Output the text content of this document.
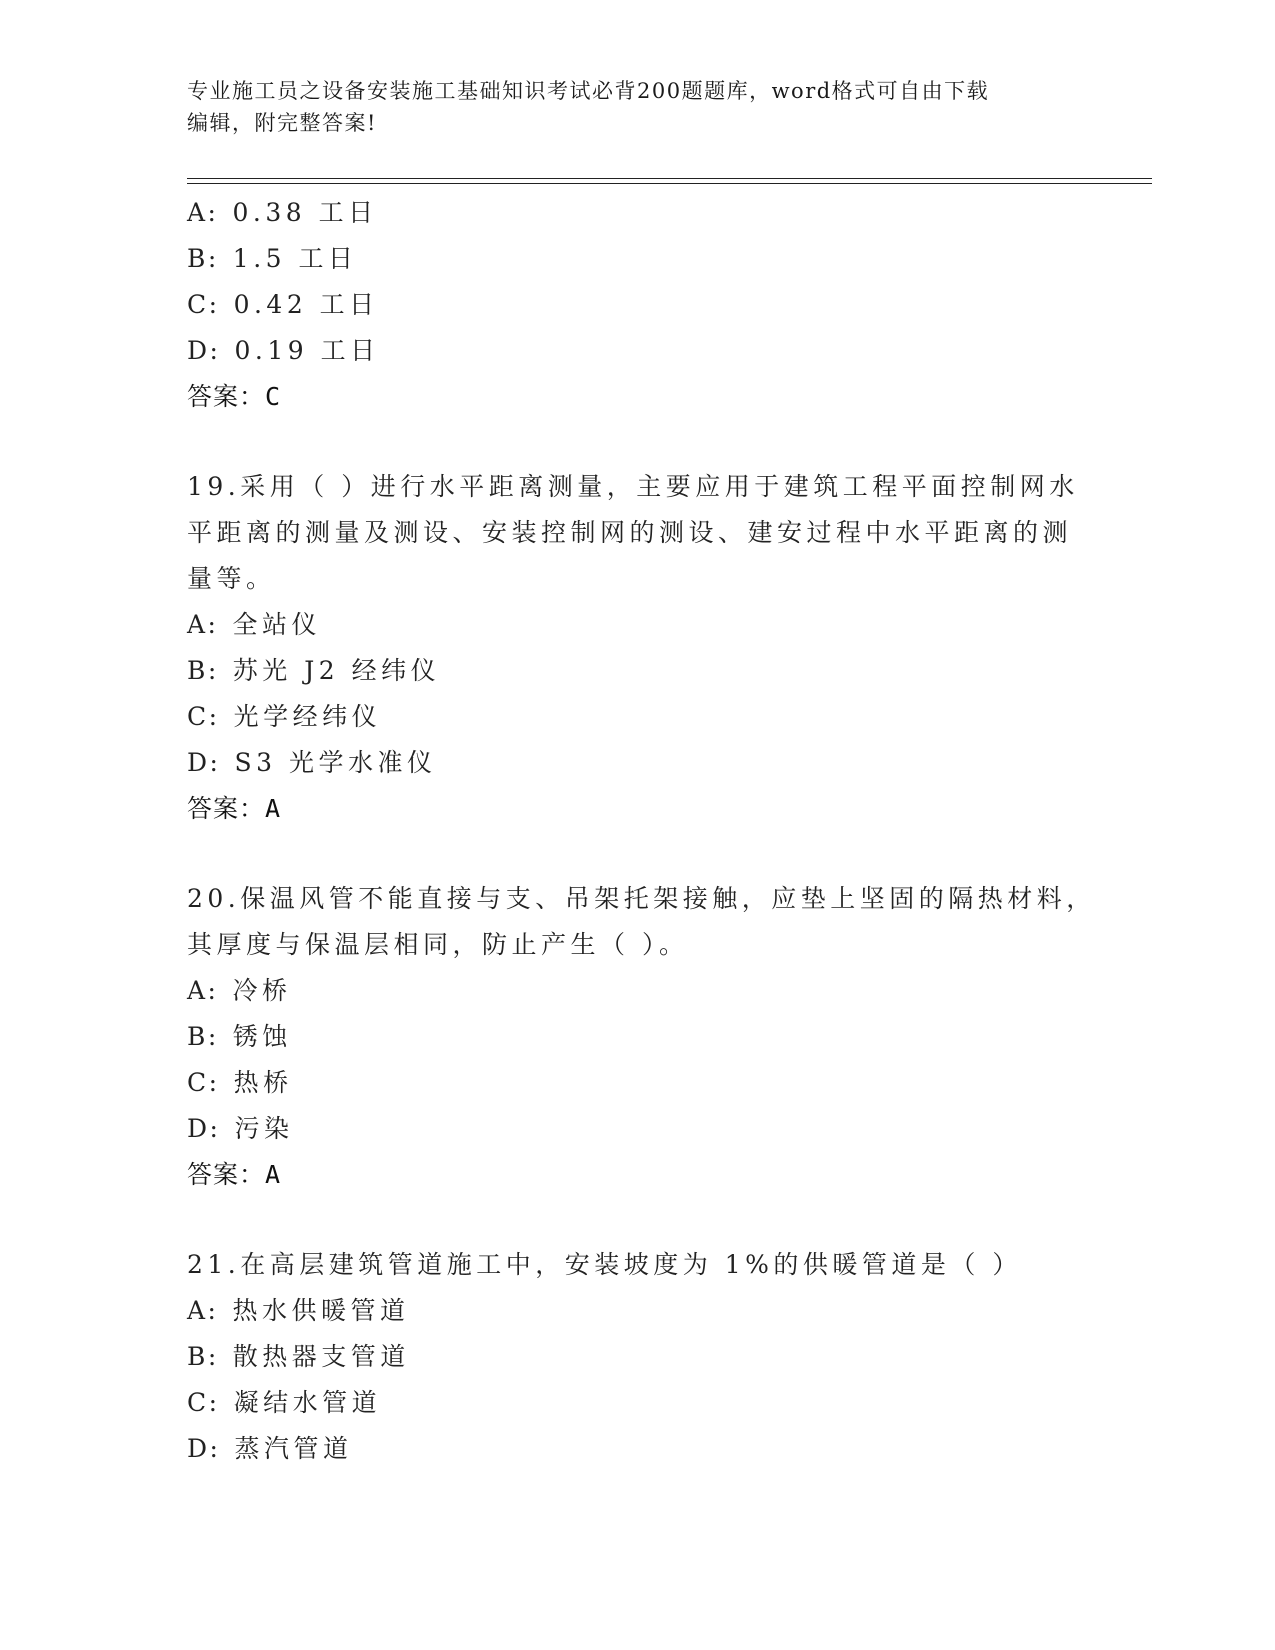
专业施工员之设备安装施工基础知识考试必背200题题库，word格式可自由下载
编辑，附完整答案!
A: 0.38 工日
B: 1.5 工日
C: 0.42 工日
D: 0.19 工日
答案：C
19.采用（ ）进行水平距离测量，主要应用于建筑工程平面控制网水
平距离的测量及测设、安装控制网的测设、建安过程中水平距离的测
量等。
A: 全站仪
B: 苏光 J2 经纬仪
C: 光学经纬仪
D: S3 光学水准仪
答案：A
20.保温风管不能直接与支、吊架托架接触，应垫上坚固的隔热材料，
其厚度与保温层相同，防止产生（ ）。
A: 冷桥
B: 锈蚀
C: 热桥
D: 污染
答案：A
21.在高层建筑管道施工中，安装坡度为 1%的供暖管道是（ ）
A: 热水供暖管道
B: 散热器支管道
C: 凝结水管道
D: 蒸汽管道
